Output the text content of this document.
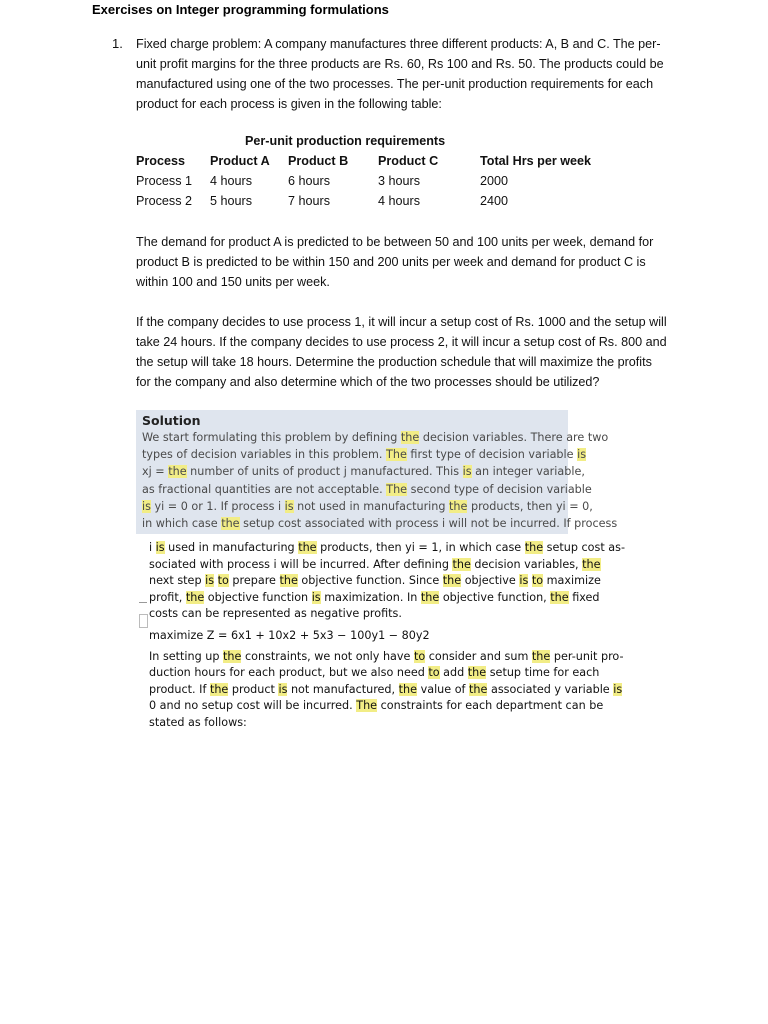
Exercises on Integer programming formulations
1. Fixed charge problem: A company manufactures three different products: A, B and C. The per-

unit profit margins for the three products are Rs. 60, Rs 100 and Rs. 50. The products could be

manufactured using one of the two processes. The per-unit production requirements for each

product for each process is given in the following table:

Per-unit production requirements
Process	Product A	Product B	Product C	Total Hrs per week
Process 1	4 hours	6 hours	3 hours	2000
Process 2	5 hours	7 hours	4 hours	2400

The demand for product A is predicted to be between 50 and 100 units per week, demand for

product B is predicted to be within 150 and 200 units per week and demand for product C is

within 100 and 150 units per week.

If the company decides to use process 1, it will incur a setup cost of Rs. 1000 and the setup will

take 24 hours. If the company decides to use process 2, it will incur a setup cost of Rs. 800 and

the setup will take 18 hours. Determine the production schedule that will maximize the profits

for the company and also determine which of the two processes should be utilized?

Solution

We start formulating this problem by defining the decision variables. There are two

types of decision variables in this problem. The first type of decision variable is

xj = the number of units of product j manufactured. This is an integer variable,

as fractional quantities are not acceptable. The second type of decision variable

is yi = 0 or 1. If process i is not used in manufacturing the products, then yi = 0,

in which case the setup cost associated with process i will not be incurred. If process

i is used in manufacturing the products, then yi = 1, in which case the setup cost as-

sociated with process i will be incurred. After defining the decision variables, the

next step is to prepare the objective function. Since the objective is to maximize

profit, the objective function is maximization. In the objective function, the fixed

costs can be represented as negative profits.

maximize Z = 6x1 + 10x2 + 5x3 − 100y1 − 80y2

In setting up the constraints, we not only have to consider and sum the per-unit pro-

duction hours for each product, but we also need to add the setup time for each

product. If the product is not manufactured, the value of the associated y variable is

0 and no setup cost will be incurred. The constraints for each department can be

stated as follows:
